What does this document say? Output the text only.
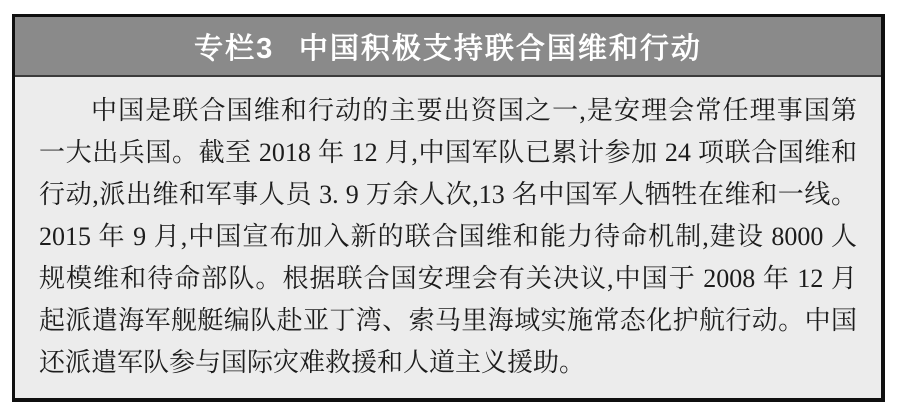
专栏3 中国积极支持联合国维和行动
中国是联合国维和行动的主要出资国之一,是安理会常任理事国第
一大出兵国。截至 2018 年 12 月,中国军队已累计参加 24 项联合国维和
行动,派出维和军事人员 3. 9 万余人次,13 名中国军人牺牲在维和一线。
2015 年 9 月,中国宣布加入新的联合国维和能力待命机制,建设 8000 人
规模维和待命部队。根据联合国安理会有关决议,中国于 2008 年 12 月
起派遣海军舰艇编队赴亚丁湾、索马里海域实施常态化护航行动。中国
还派遣军队参与国际灾难救援和人道主义援助。
